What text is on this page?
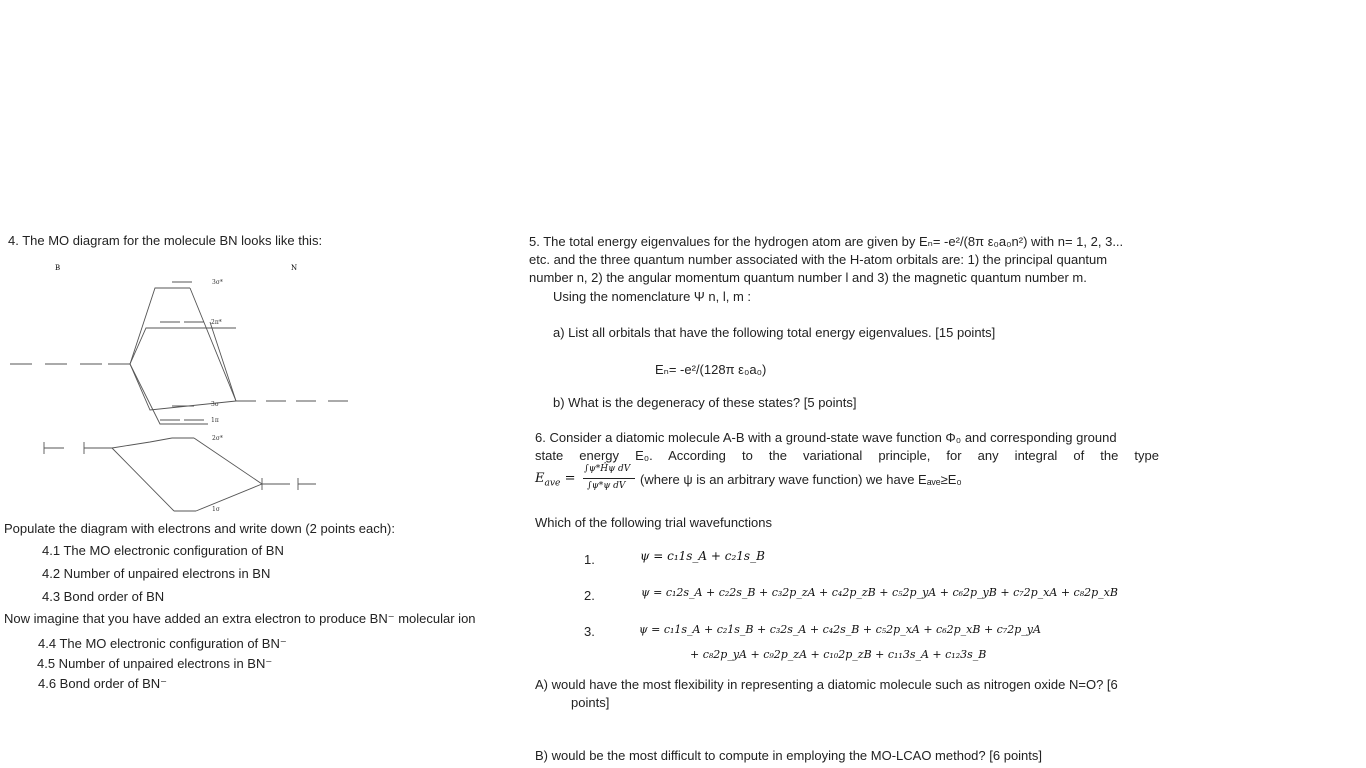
4. The MO diagram for the molecule BN looks like this:
B	N
3σ*
2π*
3σ
1π
2σ*
1σ
Populate the diagram with electrons and write down (2 points each):
4.1 The MO electronic configuration of BN
4.2 Number of unpaired electrons in BN
4.3 Bond order of BN
Now imagine that you have added an extra electron to produce BN⁻ molecular ion
4.4 The MO electronic configuration of BN⁻
4.5 Number of unpaired electrons in BN⁻
4.6 Bond order of BN⁻
5. The total energy eigenvalues for the hydrogen atom are given by Eₙ= -e²/(8π ε₀a₀n²) with n= 1, 2, 3...
etc. and the three quantum number associated with the H-atom orbitals are: 1) the principal quantum
number n, 2) the angular momentum quantum number l and 3) the magnetic quantum number m.
Using the nomenclature Ψ n, l, m :
a) List all orbitals that have the following total energy eigenvalues. [15 points]
Eₙ= -e²/(128π ε₀a₀)
b) What is the degeneracy of these states? [5 points]
6. Consider a diatomic molecule A-B with a ground-state wave function Φ₀ and corresponding ground
state energy E₀. According to the variational principle, for any integral of the type
$E_{ave}$ =
∫ψ*Ĥψ dV
∫ψ*ψ dV (where ψ is an arbitrary wave function) we have Eₐᵥₑ≥E₀
Which of the following trial wavefunctions
1.	ψ = c₁1s_A + c₂1s_B
2.	ψ = c₁2s_A + c₂2s_B + c₃2p_zA + c₄2p_zB + c₅2p_yA + c₆2p_yB + c₇2p_xA + c₈2p_xB
3.	ψ = c₁1s_A + c₂1s_B + c₃2s_A + c₄2s_B + c₅2p_xA + c₆2p_xB + c₇2p_yA
+ c₈2p_yA + c₉2p_zA + c₁₀2p_zB + c₁₁3s_A + c₁₂3s_B
A) would have the most flexibility in representing a diatomic molecule such as nitrogen oxide N=O? [6
points]
B) would be the most difficult to compute in employing the MO-LCAO method? [6 points]
